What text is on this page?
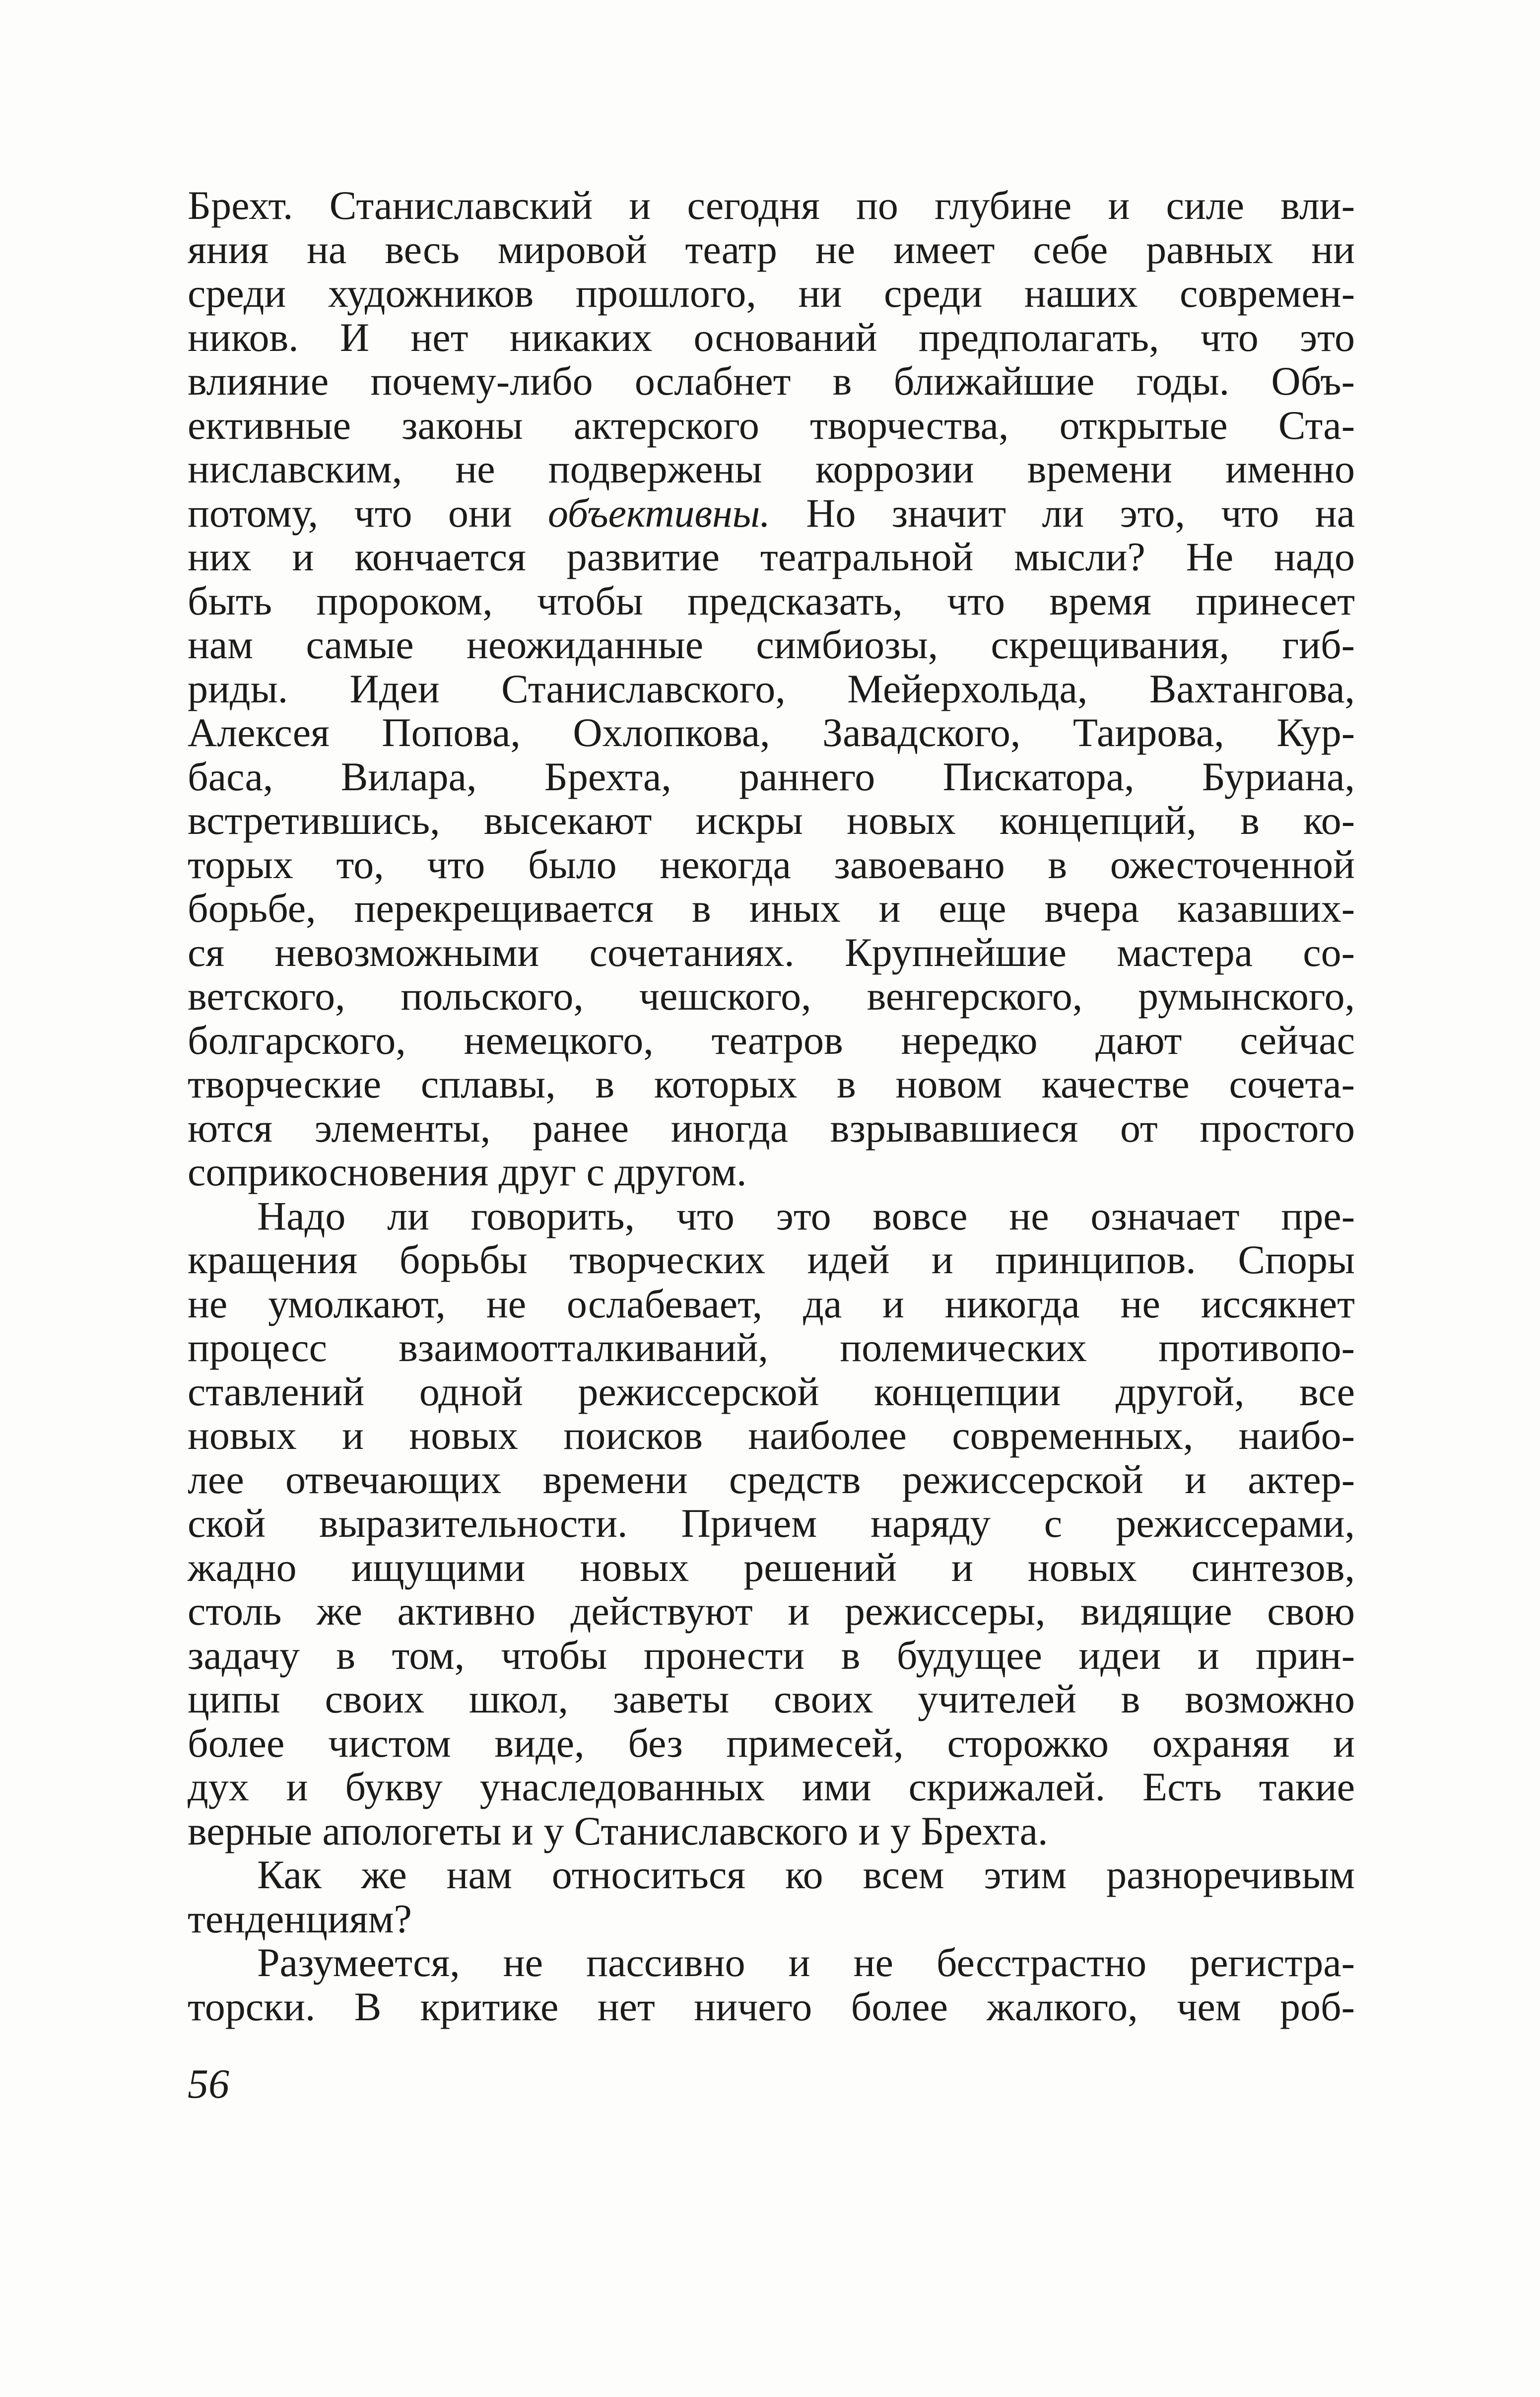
Брехт. Станиславский и сегодня по глубине и силе вли-
яния на весь мировой театр не имеет себе равных ни
среди художников прошлого, ни среди наших современ-
ников. И нет никаких оснований предполагать, что это
влияние почему-либо ослабнет в ближайшие годы. Объ-
ективные законы актерского творчества, открытые Ста-
ниславским, не подвержены коррозии времени именно
потому, что они объективны. Но значит ли это, что на
них и кончается развитие театральной мысли? Не надо
быть пророком, чтобы предсказать, что время принесет
нам самые неожиданные симбиозы, скрещивания, гиб-
риды. Идеи Станиславского, Мейерхольда, Вахтангова,
Алексея Попова, Охлопкова, Завадского, Таирова, Кур-
баса, Вилара, Брехта, раннего Пискатора, Буриана,
встретившись, высекают искры новых концепций, в ко-
торых то, что было некогда завоевано в ожесточенной
борьбе, перекрещивается в иных и еще вчера казавших-
ся невозможными сочетаниях. Крупнейшие мастера со-
ветского, польского, чешского, венгерского, румынского,
болгарского, немецкого, театров нередко дают сейчас
творческие сплавы, в которых в новом качестве сочета-
ются элементы, ранее иногда взрывавшиеся от простого
соприкосновения друг с другом.
Надо ли говорить, что это вовсе не означает пре-
кращения борьбы творческих идей и принципов. Споры
не умолкают, не ослабевает, да и никогда не иссякнет
процесс взаимоотталкиваний, полемических противопо-
ставлений одной режиссерской концепции другой, все
новых и новых поисков наиболее современных, наибо-
лее отвечающих времени средств режиссерской и актер-
ской выразительности. Причем наряду с режиссерами,
жадно ищущими новых решений и новых синтезов,
столь же активно действуют и режиссеры, видящие свою
задачу в том, чтобы пронести в будущее идеи и прин-
ципы своих школ, заветы своих учителей в возможно
более чистом виде, без примесей, сторожко охраняя и
дух и букву унаследованных ими скрижалей. Есть такие
верные апологеты и у Станиславского и у Брехта.
Как же нам относиться ко всем этим разноречивым
тенденциям?
Разумеется, не пассивно и не бесстрастно регистра-
торски. В критике нет ничего более жалкого, чем роб-
56
